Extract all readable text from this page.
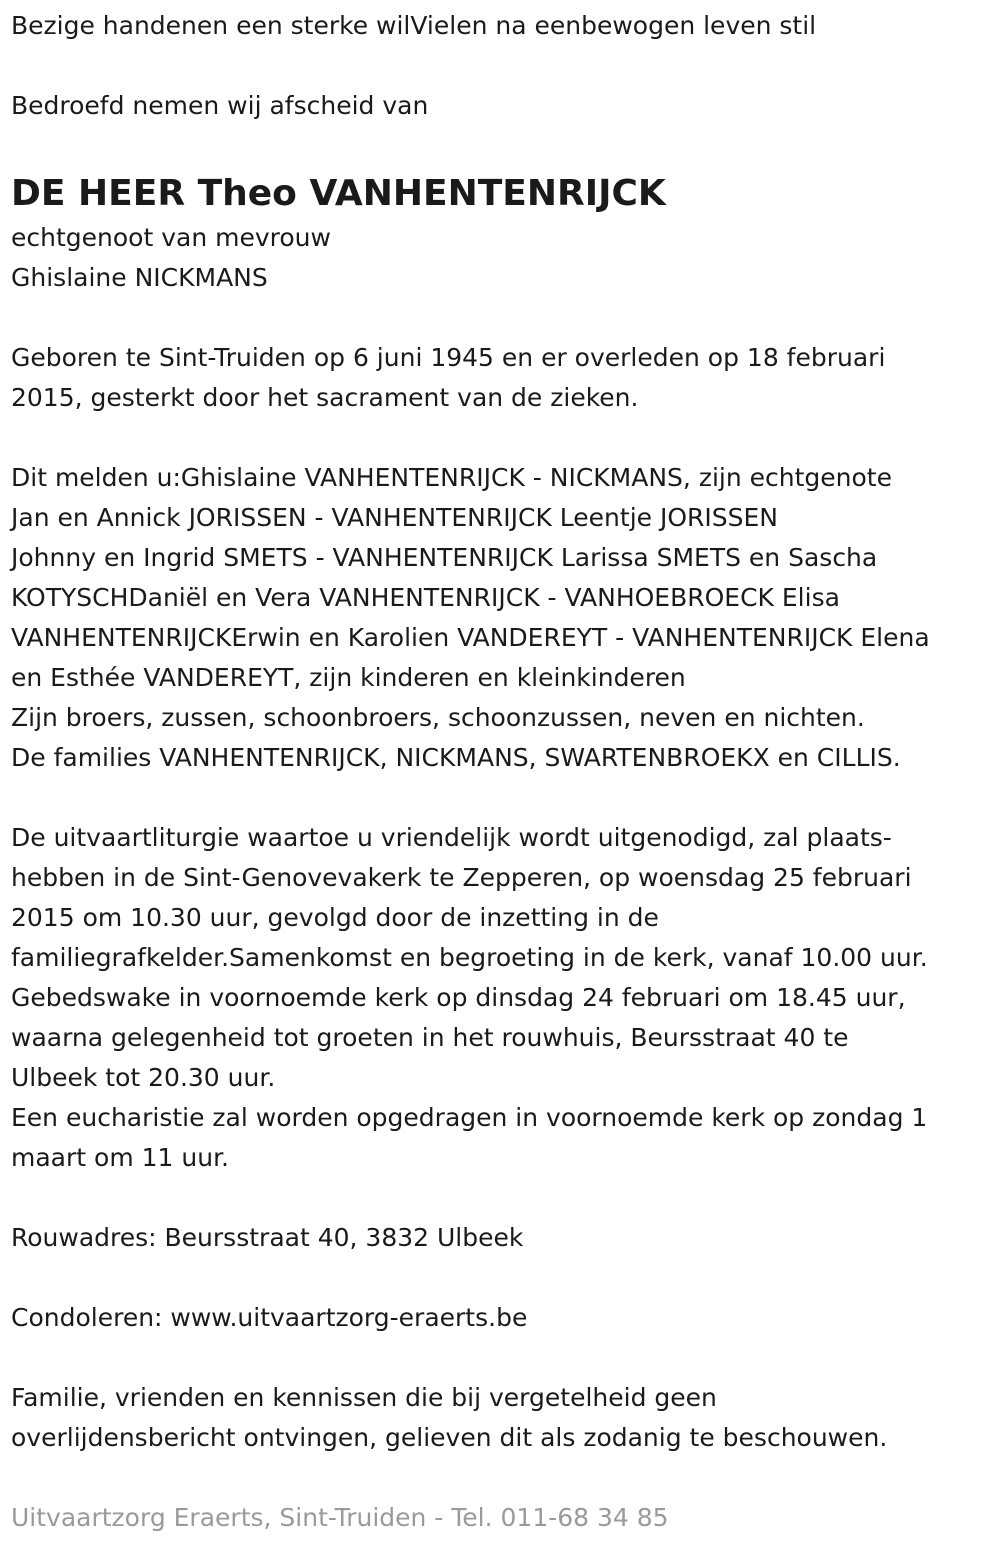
Bezige handenen een sterke wilVielen na eenbewogen leven stil

Bedroefd nemen wij afscheid van

DE HEER Theo VANHENTENRIJCK

echtgenoot van mevrouw

Ghislaine NICKMANS

Geboren te Sint-Truiden op 6 juni 1945 en er overleden op 18 februari

2015, gesterkt door het sacrament van de zieken.

Dit melden u:Ghislaine VANHENTENRIJCK - NICKMANS, zijn echtgenote

Jan en Annick JORISSEN - VANHENTENRIJCK Leentje JORISSEN

Johnny en Ingrid SMETS - VANHENTENRIJCK Larissa SMETS en Sascha

KOTYSCHDaniël en Vera VANHENTENRIJCK - VANHOEBROECK Elisa

VANHENTENRIJCKErwin en Karolien VANDEREYT - VANHENTENRIJCK Elena

en Esthée VANDEREYT, zijn kinderen en kleinkinderen

Zijn broers, zussen, schoonbroers, schoonzussen, neven en nichten.

De families VANHENTENRIJCK, NICKMANS, SWARTENBROEKX en CILLIS.

De uitvaartliturgie waartoe u vriendelijk wordt uitgenodigd, zal plaats-

hebben in de Sint-Genovevakerk te Zepperen, op woensdag 25 februari

2015 om 10.30 uur, gevolgd door de inzetting in de

familiegrafkelder.Samenkomst en begroeting in de kerk, vanaf 10.00 uur.

Gebedswake in voornoemde kerk op dinsdag 24 februari om 18.45 uur,

waarna gelegenheid tot groeten in het rouwhuis, Beursstraat 40 te

Ulbeek tot 20.30 uur.

Een eucharistie zal worden opgedragen in voornoemde kerk op zondag 1

maart om 11 uur.

Rouwadres: Beursstraat 40, 3832 Ulbeek

Condoleren: www.uitvaartzorg-eraerts.be

Familie, vrienden en kennissen die bij vergetelheid geen

overlijdensbericht ontvingen, gelieven dit als zodanig te beschouwen.

Uitvaartzorg Eraerts, Sint-Truiden - Tel. 011-68 34 85
